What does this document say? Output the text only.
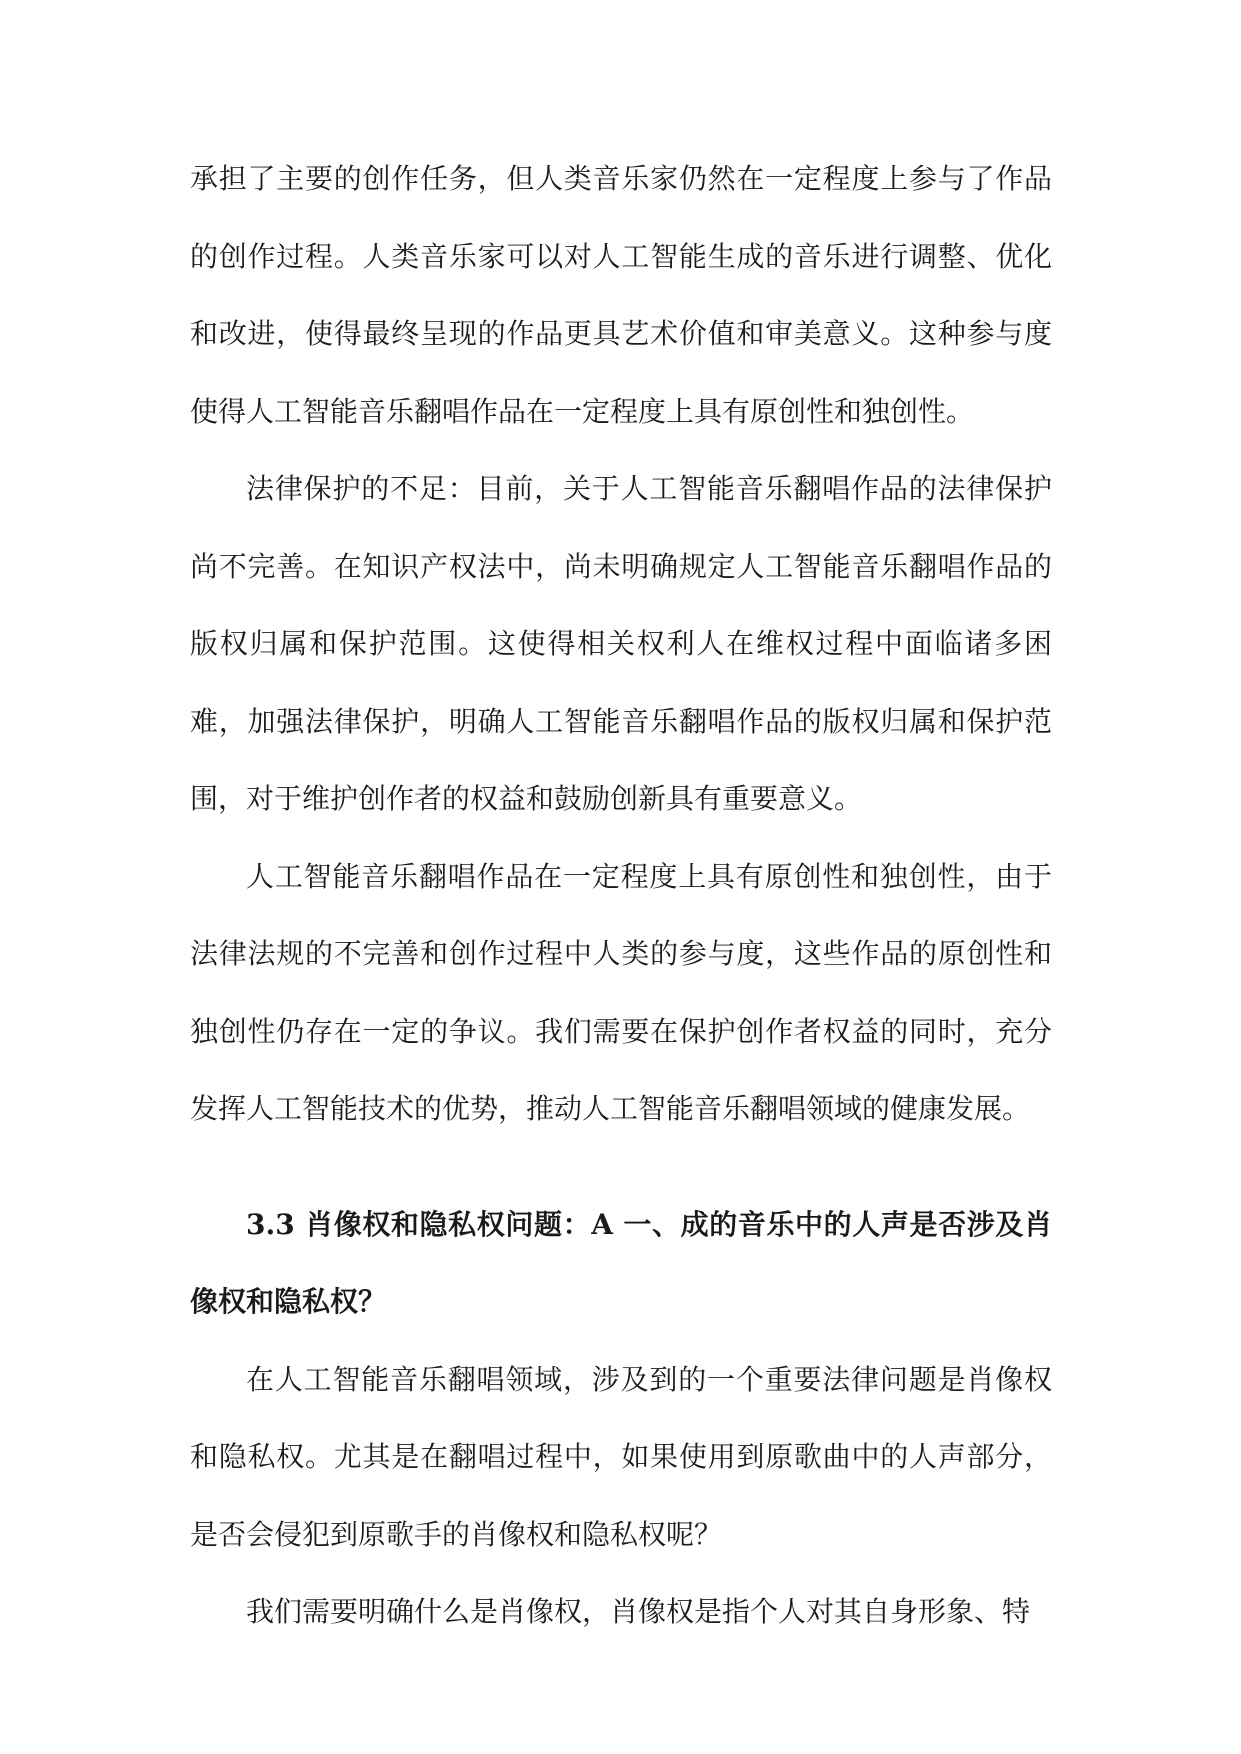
承担了主要的创作任务，但人类音乐家仍然在一定程度上参与了作品的创作过程。人类音乐家可以对人工智能生成的音乐进行调整、优化和改进，使得最终呈现的作品更具艺术价值和审美意义。这种参与度使得人工智能音乐翻唱作品在一定程度上具有原创性和独创性。

法律保护的不足：目前，关于人工智能音乐翻唱作品的法律保护尚不完善。在知识产权法中，尚未明确规定人工智能音乐翻唱作品的版权归属和保护范围。这使得相关权利人在维权过程中面临诸多困难，加强法律保护，明确人工智能音乐翻唱作品的版权归属和保护范围，对于维护创作者的权益和鼓励创新具有重要意义。

人工智能音乐翻唱作品在一定程度上具有原创性和独创性，由于法律法规的不完善和创作过程中人类的参与度，这些作品的原创性和独创性仍存在一定的争议。我们需要在保护创作者权益的同时，充分发挥人工智能技术的优势，推动人工智能音乐翻唱领域的健康发展。

3.3 肖像权和隐私权问题：A 一、成的音乐中的人声是否涉及肖像权和隐私权？

在人工智能音乐翻唱领域，涉及到的一个重要法律问题是肖像权和隐私权。尤其是在翻唱过程中，如果使用到原歌曲中的人声部分，是否会侵犯到原歌手的肖像权和隐私权呢？

我们需要明确什么是肖像权，肖像权是指个人对其自身形象、特
